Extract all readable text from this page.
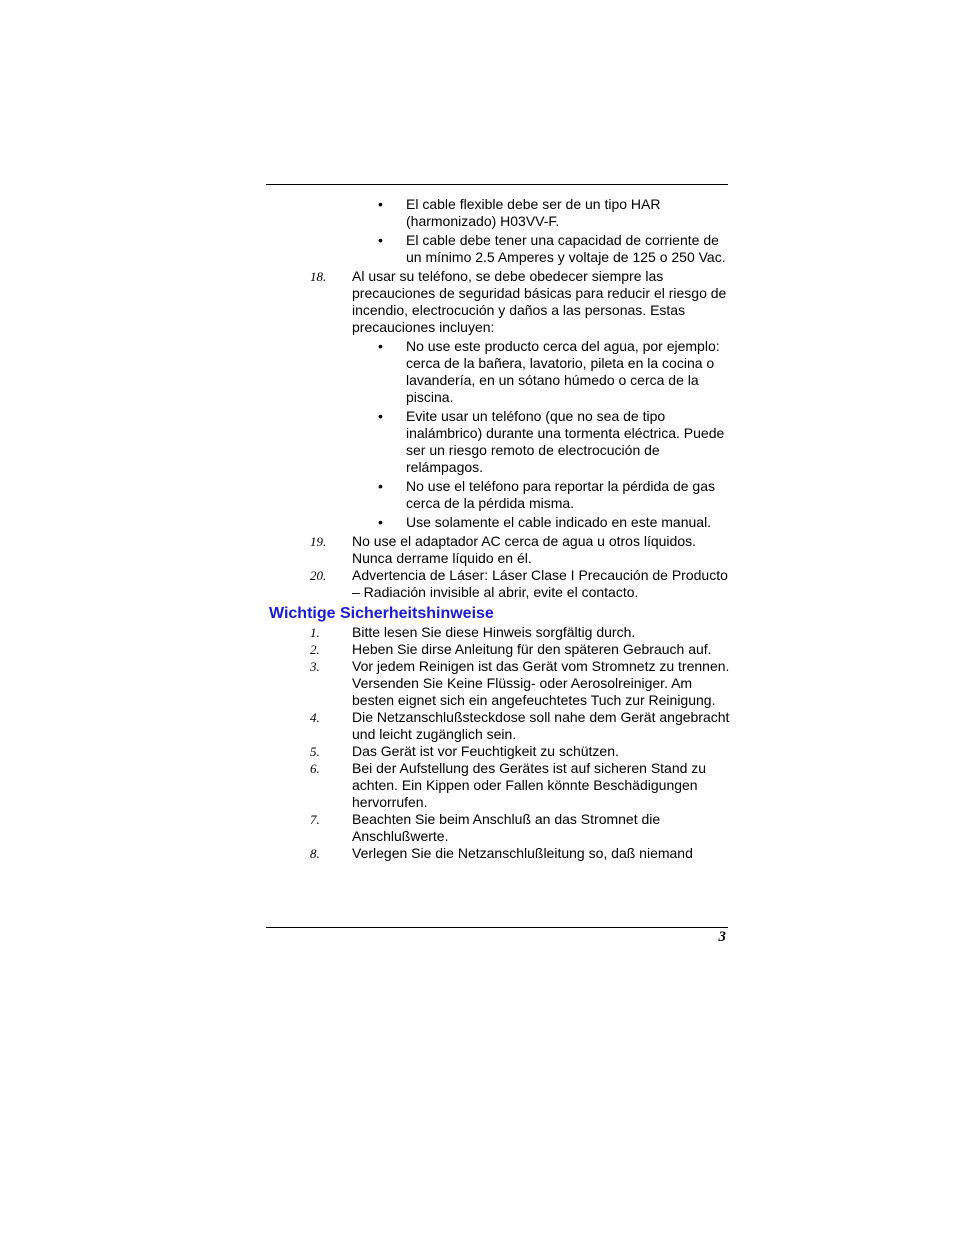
• El cable flexible debe ser de un tipo HAR (harmonizado) H03VV-F.
• El cable debe tener una capacidad de corriente de un mínimo 2.5 Amperes y voltaje de 125 o 250 Vac.
18. Al usar su teléfono, se debe obedecer siempre las precauciones de seguridad básicas para reducir el riesgo de incendio, electrocución y daños a las personas. Estas precauciones incluyen:
• No use este producto cerca del agua, por ejemplo: cerca de la bañera, lavatorio, pileta en la cocina o lavandería, en un sótano húmedo o cerca de la piscina.
• Evite usar un teléfono (que no sea de tipo inalámbrico) durante una tormenta eléctrica. Puede ser un riesgo remoto de electrocución de relámpagos.
• No use el teléfono para reportar la pérdida de gas cerca de la pérdida misma.
• Use solamente el cable indicado en este manual.
19. No use el adaptador AC cerca de agua u otros líquidos. Nunca derrame líquido en él.
20. Advertencia de Láser: Láser Clase I Precaución de Producto – Radiación invisible al abrir, evite el contacto.
Wichtige Sicherheitshinweise
1. Bitte lesen Sie diese Hinweis sorgfältig durch.
2. Heben Sie dirse Anleitung für den späteren Gebrauch auf.
3. Vor jedem Reinigen ist das Gerät vom Stromnetz zu trennen. Versenden Sie Keine Flüssig- oder Aerosolreiniger. Am besten eignet sich ein angefeuchtetes Tuch zur Reinigung.
4. Die Netzanschlußsteckdose soll nahe dem Gerät angebracht und leicht zugänglich sein.
5. Das Gerät ist vor Feuchtigkeit zu schützen.
6. Bei der Aufstellung des Gerätes ist auf sicheren Stand zu achten. Ein Kippen oder Fallen könnte Beschädigungen hervorrufen.
7. Beachten Sie beim Anschluß an das Stromnet die Anschlußwerte.
8. Verlegen Sie die Netzanschlußleitung so, daß niemand
3
